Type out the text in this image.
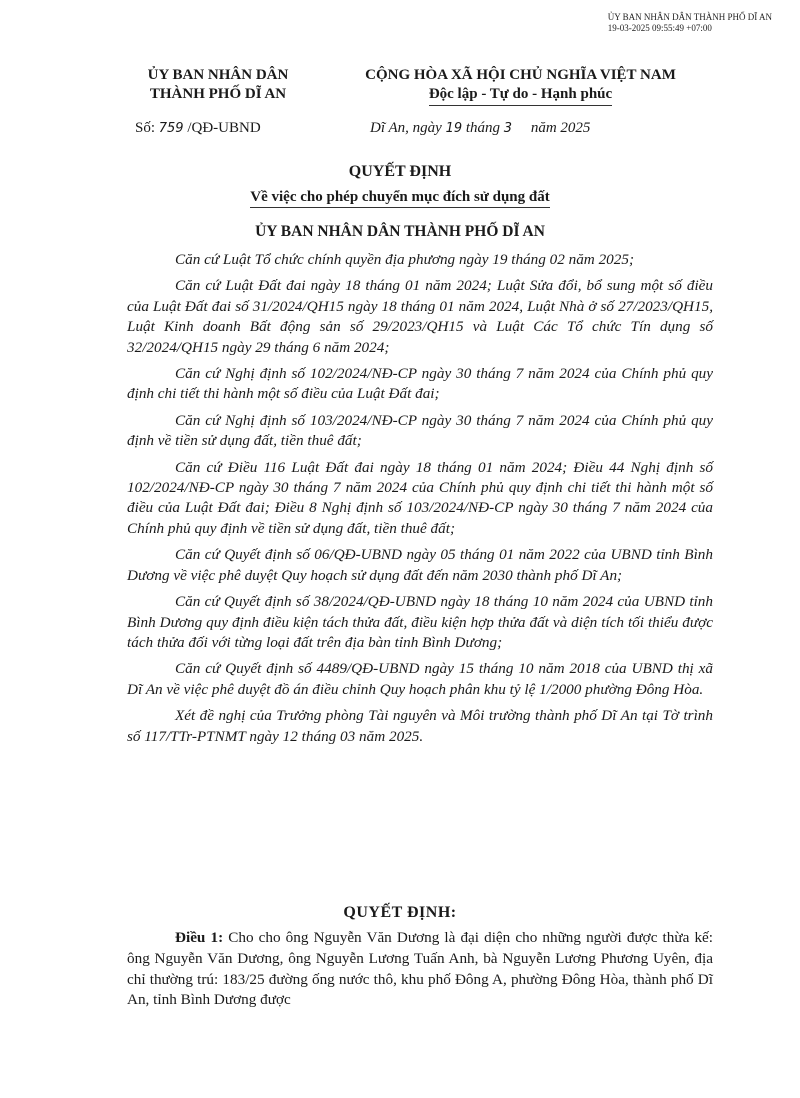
ỦY BAN NHÂN DÂN THÀNH PHỐ DĨ AN
19-03-2025 09:55:49 +07:00
ỦY BAN NHÂN DÂN
THÀNH PHỐ DĨ AN
CỘNG HÒA XÃ HỘI CHỦ NGHĨA VIỆT NAM
Độc lập - Tự do - Hạnh phúc
Số: 759 /QĐ-UBND	Dĩ An, ngày 19 tháng 3 năm 2025
QUYẾT ĐỊNH
Về việc cho phép chuyển mục đích sử dụng đất
ỦY BAN NHÂN DÂN THÀNH PHỐ DĨ AN

Căn cứ Luật Tổ chức chính quyền địa phương ngày 19 tháng 02 năm 2025;

Căn cứ Luật Đất đai ngày 18 tháng 01 năm 2024; Luật Sửa đổi, bổ sung một số điều của Luật Đất đai số 31/2024/QH15 ngày 18 tháng 01 năm 2024, Luật Nhà ở số 27/2023/QH15, Luật Kinh doanh Bất động sản số 29/2023/QH15 và Luật Các Tổ chức Tín dụng số 32/2024/QH15 ngày 29 tháng 6 năm 2024;

Căn cứ Nghị định số 102/2024/NĐ-CP ngày 30 tháng 7 năm 2024 của Chính phủ quy định chi tiết thi hành một số điều của Luật Đất đai;

Căn cứ Nghị định số 103/2024/NĐ-CP ngày 30 tháng 7 năm 2024 của Chính phủ quy định về tiền sử dụng đất, tiền thuê đất;

Căn cứ Điều 116 Luật Đất đai ngày 18 tháng 01 năm 2024; Điều 44 Nghị định số 102/2024/NĐ-CP ngày 30 tháng 7 năm 2024 của Chính phủ quy định chi tiết thi hành một số điều của Luật Đất đai; Điều 8 Nghị định số 103/2024/NĐ-CP ngày 30 tháng 7 năm 2024 của Chính phủ quy định về tiền sử dụng đất, tiền thuê đất;

Căn cứ Quyết định số 06/QĐ-UBND ngày 05 tháng 01 năm 2022 của UBND tỉnh Bình Dương về việc phê duyệt Quy hoạch sử dụng đất đến năm 2030 thành phố Dĩ An;

Căn cứ Quyết định số 38/2024/QĐ-UBND ngày 18 tháng 10 năm 2024 của UBND tỉnh Bình Dương quy định điều kiện tách thửa đất, điều kiện hợp thửa đất và diện tích tối thiểu được tách thửa đối với từng loại đất trên địa bàn tỉnh Bình Dương;

Căn cứ Quyết định số 4489/QĐ-UBND ngày 15 tháng 10 năm 2018 của UBND thị xã Dĩ An về việc phê duyệt đồ án điều chỉnh Quy hoạch phân khu tỷ lệ 1/2000 phường Đông Hòa.

Xét đề nghị của Trưởng phòng Tài nguyên và Môi trường thành phố Dĩ An tại Tờ trình số 117/TTr-PTNMT ngày 12 tháng 03 năm 2025.

QUYẾT ĐỊNH:
Điều 1: Cho cho ông Nguyễn Văn Dương là đại diện cho những người được thừa kế: ông Nguyễn Văn Dương, ông Nguyễn Lương Tuấn Anh, bà Nguyễn Lương Phương Uyên, địa chỉ thường trú: 183/25 đường ống nước thô, khu phố Đông A, phường Đông Hòa, thành phố Dĩ An, tỉnh Bình Dương được
